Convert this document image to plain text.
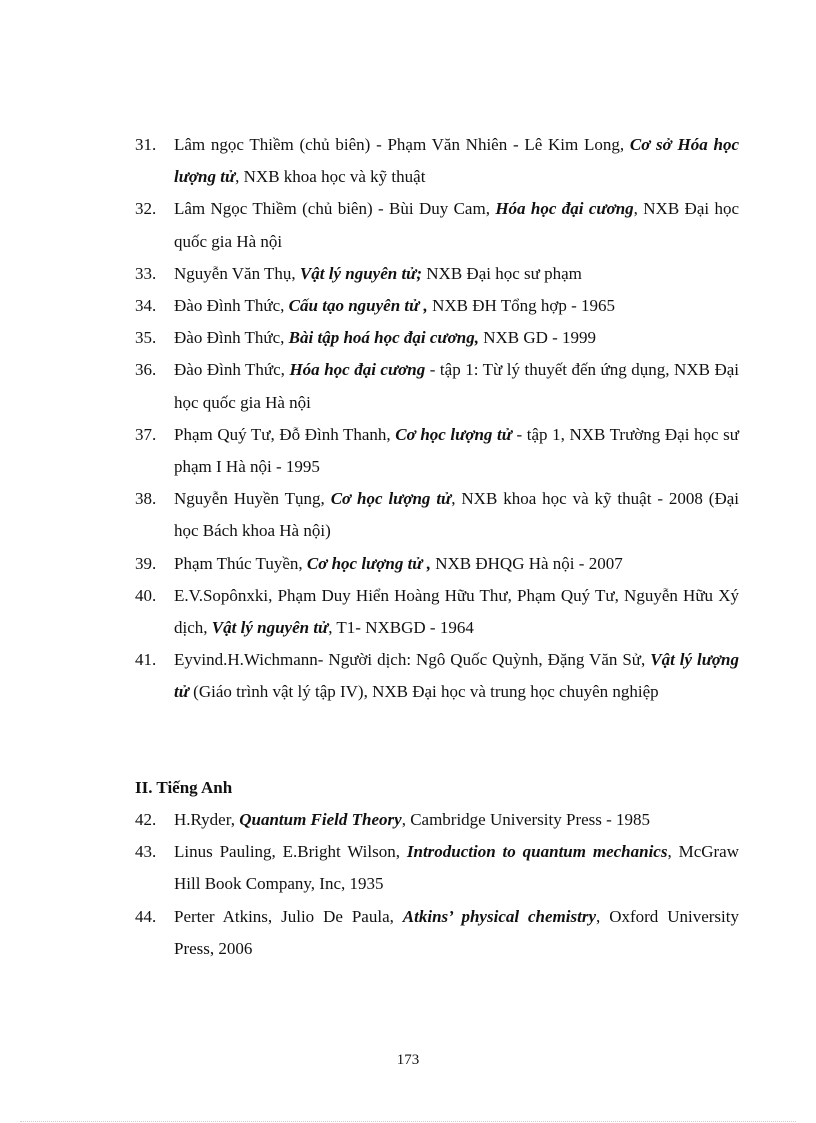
31.	Lâm ngọc Thiềm (chủ biên) - Phạm Văn Nhiên - Lê Kim Long, Cơ sở Hóa học lượng tử, NXB khoa học và kỹ thuật
32.	Lâm Ngọc Thiềm (chủ biên) - Bùi Duy Cam, Hóa học đại cương, NXB Đại học quốc gia Hà nội
33.	Nguyễn Văn Thụ, Vật lý nguyên tử; NXB Đại học sư phạm
34.	Đào Đình Thức, Cấu tạo nguyên tử , NXB ĐH Tổng hợp - 1965
35.	Đào Đình Thức, Bài tập hoá học đại cương, NXB GD - 1999
36.	Đào Đình Thức, Hóa học đại cương - tập 1: Từ lý thuyết đến ứng dụng, NXB Đại học quốc gia Hà nội
37.	Phạm Quý Tư, Đỗ Đình Thanh, Cơ học lượng tử - tập 1, NXB Trường Đại học sư phạm I Hà nội - 1995
38.	Nguyễn Huyền Tụng, Cơ học lượng tử, NXB khoa học và kỹ thuật - 2008 (Đại học Bách khoa Hà nội)
39.	Phạm Thúc Tuyền, Cơ học lượng tử , NXB ĐHQG Hà nội - 2007
40.	E.V.Sopônxki, Phạm Duy Hiển Hoàng Hữu Thư, Phạm Quý Tư, Nguyễn Hữu Xý dịch, Vật lý nguyên tử, T1- NXBGD - 1964
41.	Eyvind.H.Wichmann- Người dịch: Ngô Quốc Quỳnh, Đặng Văn Sử, Vật lý lượng tử (Giáo trình vật lý tập IV), NXB Đại học và trung học chuyên nghiệp
II. Tiếng Anh
42.	H.Ryder, Quantum Field Theory, Cambridge University Press - 1985
43.	Linus Pauling, E.Bright Wilson, Introduction to quantum mechanics, McGraw Hill Book Company, Inc, 1935
44.	Perter Atkins, Julio De Paula, Atkins’ physical chemistry, Oxford University Press, 2006
173
